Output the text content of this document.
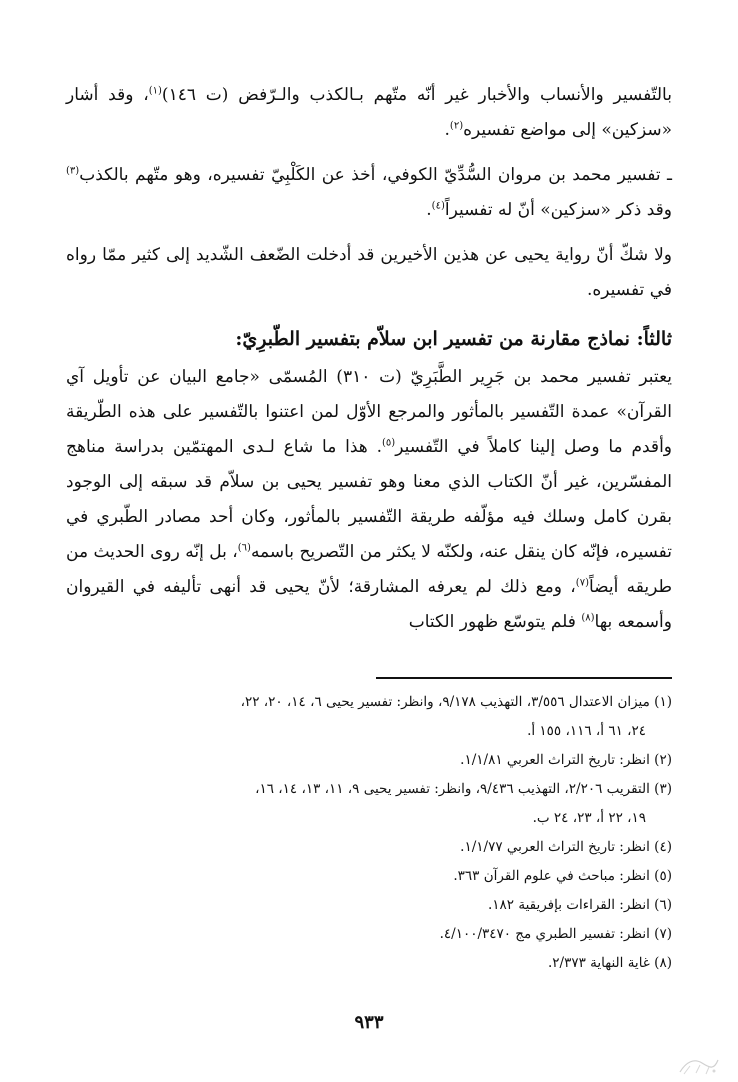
بالتّفسير والأنساب والأخبار غير أنّه متّهم بـالكذب والـرّفض (ت ١٤٦)$^{(١)}$، وقد أشار «سزكين» إلى مواضع تفسيره$^{(٢)}$.

ـ تفسير محمد بن مروان السُّدِّيّ الكوفي، أخذ عن الكَلْبِيّ تفسيره، وهو متّهم بالكذب$^{(٣)}$ وقد ذكر «سزكين» أنّ له تفسيراً$^{(٤)}$.

ولا شكّ أنّ رواية يحيى عن هذين الأخيرين قد أدخلت الضّعف الشّديد إلى كثير ممّا رواه في تفسيره.

ثالثاً: نماذج مقارنة من تفسير ابن سلاّم بتفسير الطّبرِيّ:

يعتبر تفسير محمد بن جَرِير الطَّبَرِيّ (ت ٣١٠) المُسمّى «جامع البيان عن تأويل آي القرآن» عمدة التّفسير بالمأثور والمرجع الأوّل لمن اعتنوا بالتّفسير على هذه الطّريقة وأقدم ما وصل إلينا كاملاً في التّفسير$^{(٥)}$. هذا ما شاع لـدى المهتمّين بدراسة مناهج المفسّرين، غير أنّ الكتاب الذي معنا وهو تفسير يحيى بن سلاّم قد سبقه إلى الوجود بقرن كامل وسلك فيه مؤلّفه طريقة التّفسير بالمأثور، وكان أحد مصادر الطّبري في تفسيره، فإنّه كان ينقل عنه، ولكنّه لا يكثر من التّصريح باسمه$^{(٦)}$، بل إنّه روى الحديث من طريقه أيضاً$^{(٧)}$، ومع ذلك لم يعرفه المشارقة؛ لأنّ يحيى قد أنهى تأليفه في القيروان وأسمعه بها$^{(٨)}$ فلم يتوسّع ظهور الكتاب

(١) ميزان الاعتدال ٣/٥٥٦، التهذيب ٩/١٧٨، وانظر: تفسير يحيى ٦، ١٤، ٢٠، ٢٢،
٢٤، ٦١ أ، ١١٦، ١٥٥ أ.
(٢) انظر: تاريخ التراث العربي ١/١/٨١.
(٣) التقريب ٢/٢٠٦، التهذيب ٩/٤٣٦، وانظر: تفسير يحيى ٩، ١١، ١٣، ١٤، ١٦،
١٩، ٢٢ أ، ٢٣، ٢٤ ب.
(٤) انظر: تاريخ التراث العربي ١/١/٧٧.
(٥) انظر: مباحث في علوم القرآن ٣٦٣.
(٦) انظر: القراءات بإفريقية ١٨٢.
(٧) انظر: تفسير الطبري مج ٤/١٠٠/٣٤٧٠.
(٨) غاية النهاية ٢/٣٧٣.
٩٣٣
